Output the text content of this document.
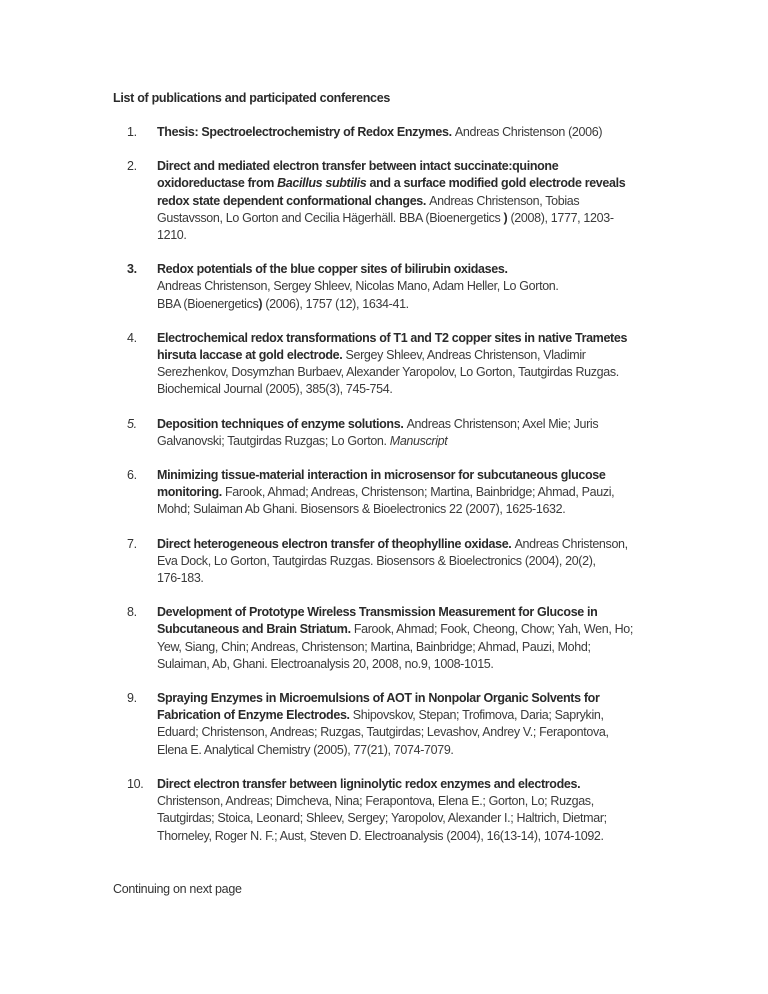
List of publications and participated conferences
1. Thesis: Spectroelectrochemistry of Redox Enzymes. Andreas Christenson (2006)
2. Direct and mediated electron transfer between intact succinate:quinone
oxidoreductase from Bacillus subtilis and a surface modified gold electrode reveals
redox state dependent conformational changes. Andreas Christenson, Tobias
Gustavsson, Lo Gorton and Cecilia Hägerhäll. BBA (Bioenergetics ) (2008), 1777, 1203-
1210.
3. Redox potentials of the blue copper sites of bilirubin oxidases.
Andreas Christenson, Sergey Shleev, Nicolas Mano, Adam Heller, Lo Gorton.
BBA (Bioenergetics) (2006), 1757 (12), 1634-41.
4. Electrochemical redox transformations of T1 and T2 copper sites in native Trametes
hirsuta laccase at gold electrode. Sergey Shleev, Andreas Christenson, Vladimir
Serezhenkov, Dosymzhan Burbaev, Alexander Yaropolov, Lo Gorton, Tautgirdas Ruzgas.
Biochemical Journal (2005), 385(3), 745-754.
5. Deposition techniques of enzyme solutions. Andreas Christenson; Axel Mie; Juris
Galvanovski; Tautgirdas Ruzgas; Lo Gorton. Manuscript
6. Minimizing tissue-material interaction in microsensor for subcutaneous glucose
monitoring. Farook, Ahmad; Andreas, Christenson; Martina, Bainbridge; Ahmad, Pauzi,
Mohd; Sulaiman Ab Ghani. Biosensors & Bioelectronics 22 (2007), 1625-1632.
7. Direct heterogeneous electron transfer of theophylline oxidase. Andreas Christenson,
Eva Dock, Lo Gorton, Tautgirdas Ruzgas. Biosensors & Bioelectronics (2004), 20(2),
176-183.
8. Development of Prototype Wireless Transmission Measurement for Glucose in
Subcutaneous and Brain Striatum. Farook, Ahmad; Fook, Cheong, Chow; Yah, Wen, Ho;
Yew, Siang, Chin; Andreas, Christenson; Martina, Bainbridge; Ahmad, Pauzi, Mohd;
Sulaiman, Ab, Ghani. Electroanalysis 20, 2008, no.9, 1008-1015.
9. Spraying Enzymes in Microemulsions of AOT in Nonpolar Organic Solvents for
Fabrication of Enzyme Electrodes. Shipovskov, Stepan; Trofimova, Daria; Saprykin,
Eduard; Christenson, Andreas; Ruzgas, Tautgirdas; Levashov, Andrey V.; Ferapontova,
Elena E. Analytical Chemistry (2005), 77(21), 7074-7079.
10. Direct electron transfer between ligninolytic redox enzymes and electrodes.
Christenson, Andreas; Dimcheva, Nina; Ferapontova, Elena E.; Gorton, Lo; Ruzgas,
Tautgirdas; Stoica, Leonard; Shleev, Sergey; Yaropolov, Alexander I.; Haltrich, Dietmar;
Thorneley, Roger N. F.; Aust, Steven D. Electroanalysis (2004), 16(13-14), 1074-1092.
Continuing on next page
